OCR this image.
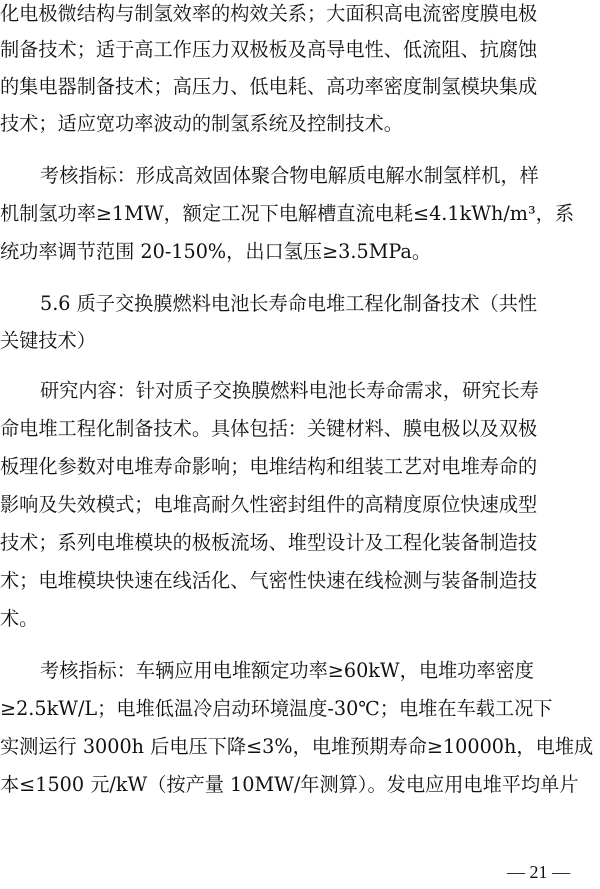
化电极微结构与制氢效率的构效关系；大面积高电流密度膜电极
制备技术；适于高工作压力双极板及高导电性、低流阻、抗腐蚀
的集电器制备技术；高压力、低电耗、高功率密度制氢模块集成
技术；适应宽功率波动的制氢系统及控制技术。
考核指标：形成高效固体聚合物电解质电解水制氢样机，样
机制氢功率≥1MW，额定工况下电解槽直流电耗≤4.1kWh/m³，系
统功率调节范围 20-150%，出口氢压≥3.5MPa。
5.6 质子交换膜燃料电池长寿命电堆工程化制备技术（共性
关键技术）
研究内容：针对质子交换膜燃料电池长寿命需求，研究长寿
命电堆工程化制备技术。具体包括：关键材料、膜电极以及双极
板理化参数对电堆寿命影响；电堆结构和组装工艺对电堆寿命的
影响及失效模式；电堆高耐久性密封组件的高精度原位快速成型
技术；系列电堆模块的极板流场、堆型设计及工程化装备制造技
术；电堆模块快速在线活化、气密性快速在线检测与装备制造技
术。
考核指标：车辆应用电堆额定功率≥60kW，电堆功率密度
≥2.5kW/L；电堆低温冷启动环境温度-30℃；电堆在车载工况下
实测运行 3000h 后电压下降≤3%，电堆预期寿命≥10000h，电堆成
本≤1500 元/kW（按产量 10MW/年测算）。发电应用电堆平均单片
— 21 —
